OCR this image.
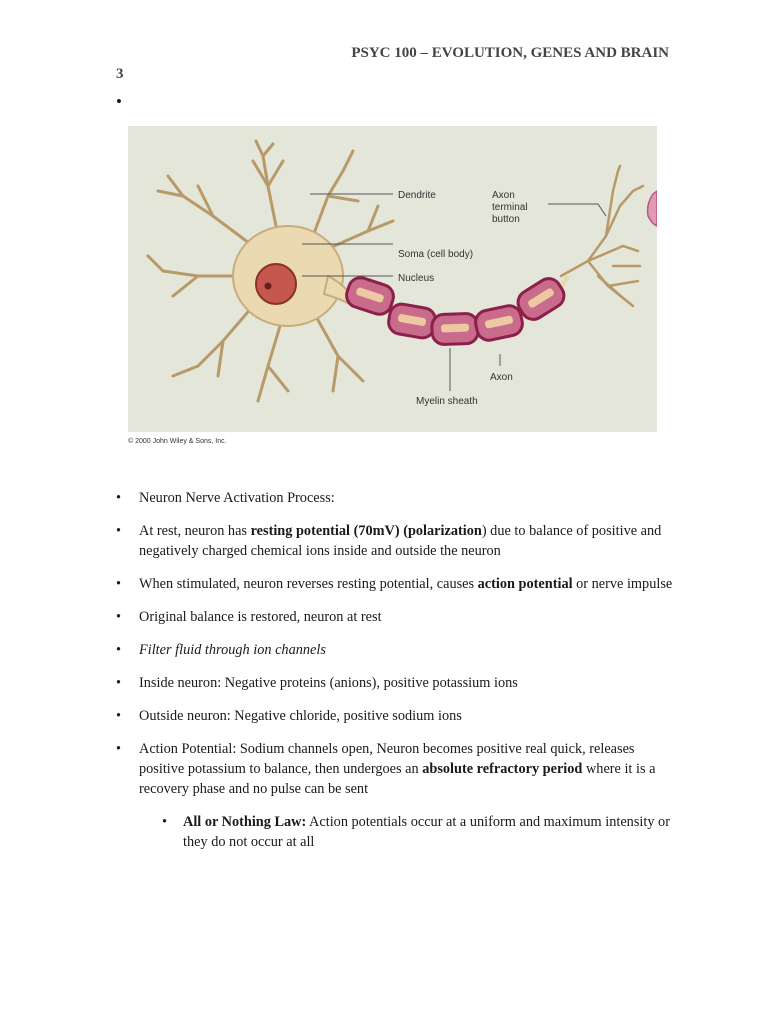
PSYC 100 – EVOLUTION, GENES AND BRAIN
3
•
Dendrite	Axon
terminal
button
Soma (cell body)
Nucleus
Axon
Myelin sheath
© 2000 John Wiley & Sons, Inc.
• Neuron Nerve Activation Process:
• At rest, neuron has resting potential (70mV) (polarization) due to balance of positive and negatively charged chemical ions inside and outside the neuron
• When stimulated, neuron reverses resting potential, causes action potential or nerve impulse
• Original balance is restored, neuron at rest
• Filter fluid through ion channels
• Inside neuron: Negative proteins (anions), positive potassium ions
• Outside neuron: Negative chloride, positive sodium ions
• Action Potential: Sodium channels open, Neuron becomes positive real quick, releases positive potassium to balance, then undergoes an absolute refractory period where it is a recovery phase and no pulse can be sent
• All or Nothing Law: Action potentials occur at a uniform and maximum intensity or they do not occur at all
